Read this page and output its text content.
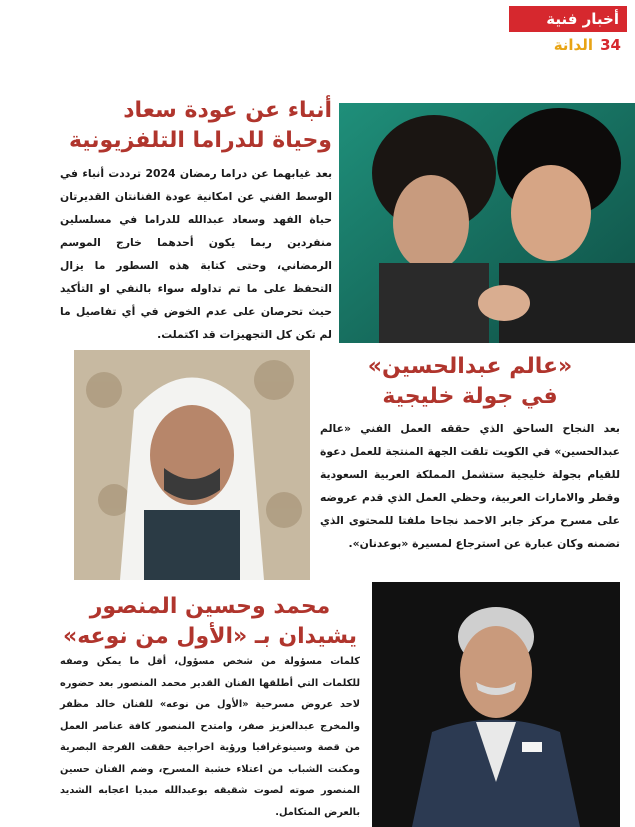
أخبار فنية
الدانة 34
أنباء عن عودة سعاد
وحياة للدراما التلفزيونية
بعد غيابهما عن دراما رمضان 2024 ترددت أنباء في الوسط الفني عن امكانية عودة الفنانتان القديرتان حياة الفهد وسعاد عبدالله للدراما في مسلسلين منفردين ربما يكون أحدهما خارج الموسم الرمضاني، وحتى كتابة هذه السطور ما يزال التحفظ على ما تم تداوله سواء بالنفي او التأكيد حيث تحرصان على عدم الخوض في أي تفاصيل ما لم تكن كل التجهيزات قد اكتملت.
«عالم عبدالحسين»
في جولة خليجية
بعد النجاح الساحق الذي حققه العمل الفني «عالم عبدالحسين» في الكويت تلقت الجهة المنتجة للعمل دعوة للقيام بجولة خليجية ستشمل المملكة العربية السعودية وقطر والامارات العربية، وحظي العمل الذي قدم عروضه على مسرح مركز جابر الاحمد نجاحا ملفتا للمحتوى الذي تضمنه وكان عبارة عن استرجاع لمسيرة «بوعدنان».
محمد وحسين المنصور
يشيدان بـ «الأول من نوعه»
كلمات مسؤولة من شخص مسؤول، أقل ما يمكن وصفه للكلمات التي أطلقها الفنان القدير محمد المنصور بعد حضوره لاحد عروض مسرحية «الأول من نوعه» للفنان خالد مظفر والمخرج عبدالعزيز صفر، وامتدح المنصور كافة عناصر العمل من قصة وسينوغرافيا ورؤية اخراجية حققت الفرجة البصرية ومكنت الشباب من اعتلاء خشبة المسرح، وضم الفنان حسين المنصور صوته لصوت شقيقه بوعبدالله مبديا اعجابه الشديد بالعرض المتكامل.
